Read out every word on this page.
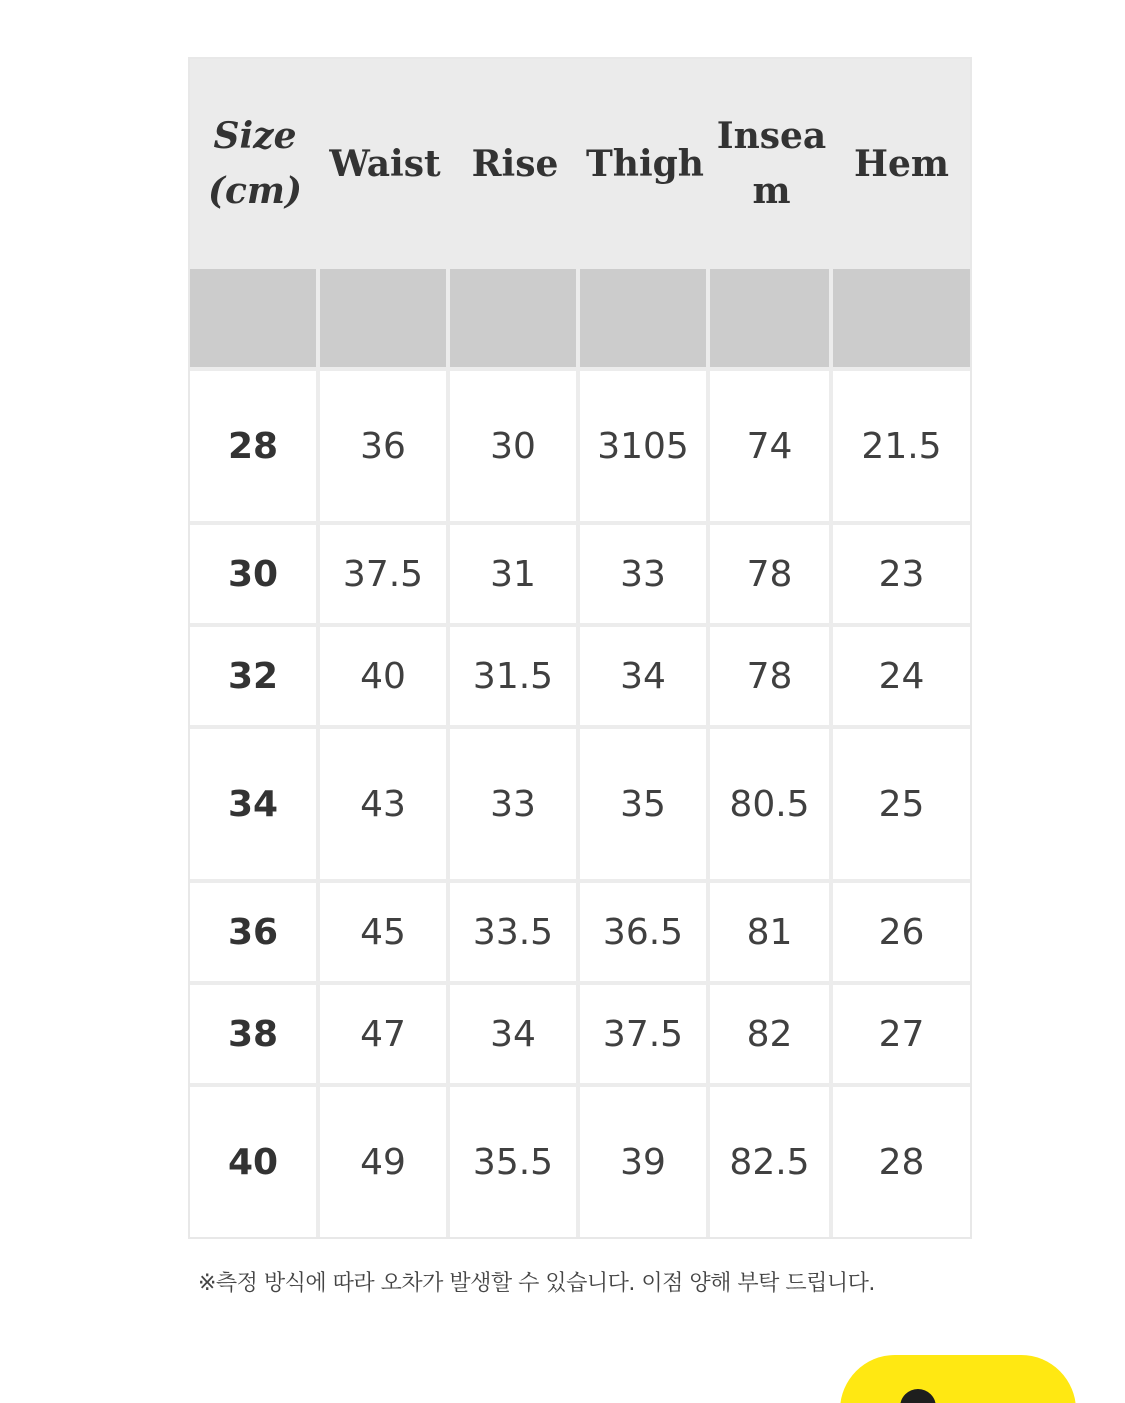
Size (cm)	Waist	Rise	Thigh	Inseam	Hem

28	36	30	3105	74	21.5
30	37.5	31	33	78	23
32	40	31.5	34	78	24
34	43	33	35	80.5	25
36	45	33.5	36.5	81	26
38	47	34	37.5	82	27
40	49	35.5	39	82.5	28
※측정 방식에 따라 오차가 발생할 수 있습니다. 이점 양해 부탁 드립니다.
